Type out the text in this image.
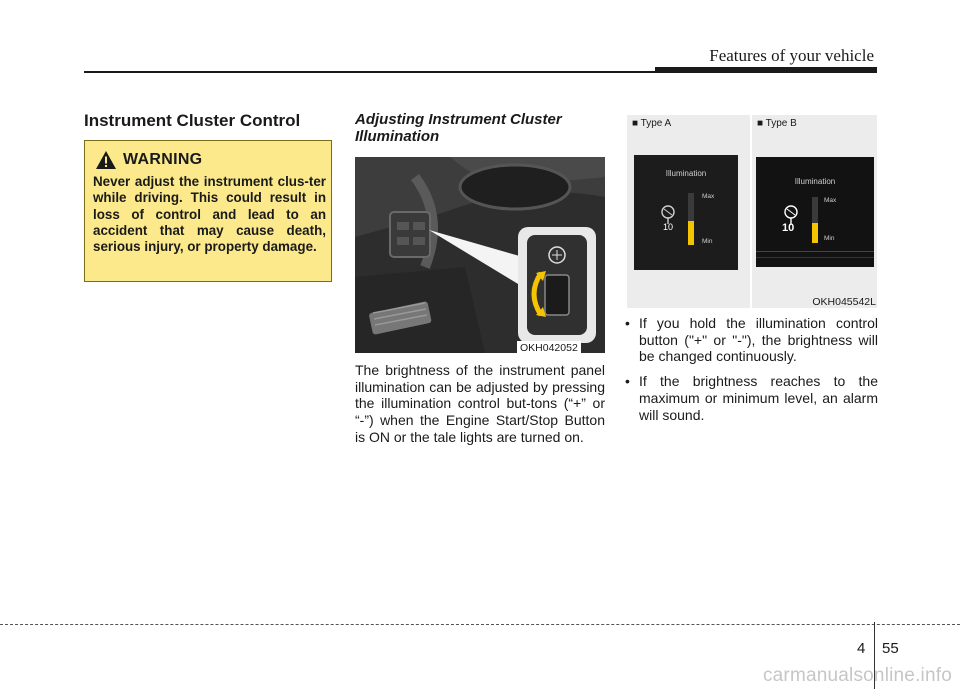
Features of your vehicle
Instrument Cluster Control
WARNING
Never adjust the instrument clus-ter while driving. This could result in loss of control and lead to an accident that may cause death, serious injury, or property damage.
Adjusting Instrument Cluster Illumination
OKH042052
The brightness of the instrument panel illumination can be adjusted by pressing the illumination control but-tons (“+” or “-”) when the Engine Start/Stop Button is ON or the tale lights are turned on.
■ Type A
Illumination
10
Max
Min
■ Type B
Illumination
10
Max
Min
OKH045542L
• If you hold the illumination control button ("+" or "-"), the brightness will be changed continuously.
• If the brightness reaches to the maximum or minimum level, an alarm will sound.
4 55
carmanualsonline.info
